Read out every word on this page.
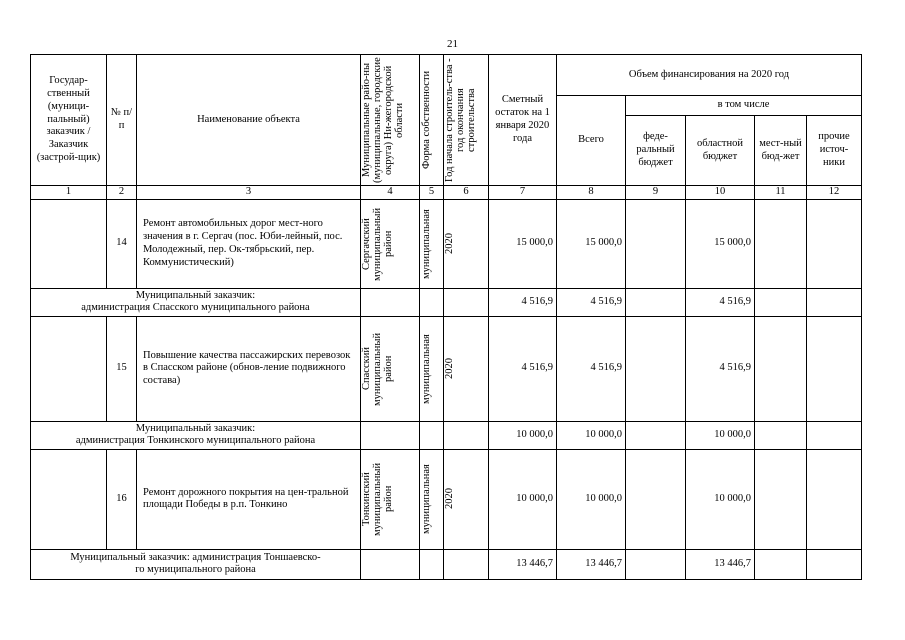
21
Государ-ственный (муници-пальный) заказчик / Заказчик (застрой-щик)	№ п/п	Наименование объекта	Муниципальные райо-ны (муниципальные, городские округа) Ни-жегородской области	Форма собственности	Год начала строитель-ства - год окончания строительства	Сметный остаток на 1 января 2020 года	Объем финансирования на 2020 год				
							Всего	в том числе			
								феде-ральный бюджет	областной бюджет	мест-ный бюд-жет	прочие источ-ники
1	2	3	4	5	6	7	8	9	10	11	12
	14	Ремонт автомобильных дорог мест-ного значения в г. Сергач (пос. Юби-лейный, пос. Молодежный, пер. Ок-тябрьский, пер. Коммунистический)	Сергачский муниципальный район	муниципальная	2020	15 000,0	15 000,0		15 000,0		

Муниципальный заказчик:
администрация Спасского муниципального района						4 516,9	4 516,9		4 516,9		
	15	Повышение качества пассажирских перевозок в Спасском районе (обнов-ление подвижного состава)	Спасский муниципальный район	муниципальная	2020	4 516,9	4 516,9		4 516,9		

Муниципальный заказчик:
администрация Тонкинского муниципального района						10 000,0	10 000,0		10 000,0		
	16	Ремонт дорожного покрытия на цен-тральной площади Победы в р.п. Тонкино	Тонкинский муниципальный район	муниципальная	2020	10 000,0	10 000,0		10 000,0		

Муниципальный заказчик: администрация Тоншаевско-
го муниципального района						13 446,7	13 446,7		13 446,7		
